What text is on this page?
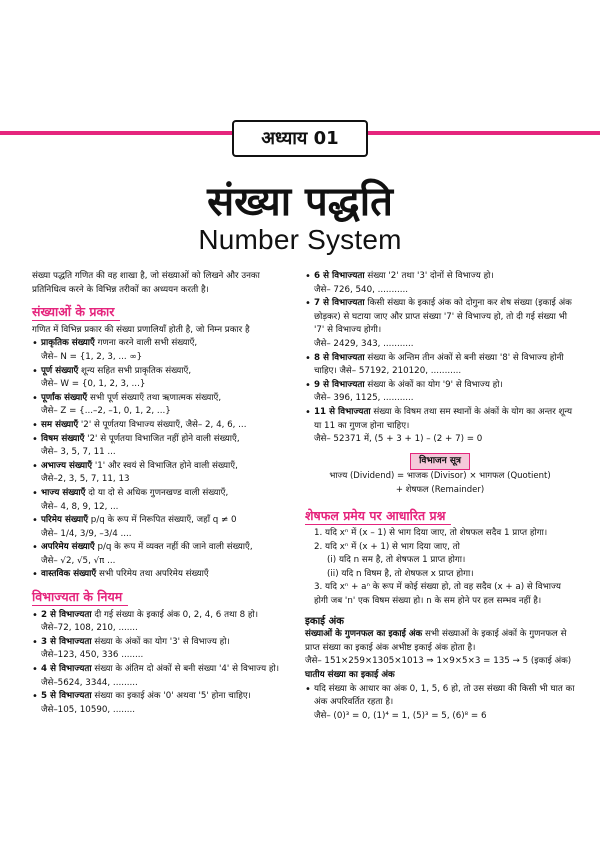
अध्याय 01
संख्या पद्धति
Number System

संख्या पद्धति गणित की वह शाखा है, जो संख्याओं को लिखने और उनका प्रतिनिधित्व करने के विभिन्न तरीकों का अध्ययन करती है।

संख्याओं के प्रकार

गणित में विभिन्न प्रकार की संख्या प्रणालियाँ होती है, जो निम्न प्रकार है

• प्राकृतिक संख्याएँ गणना करने वाली सभी संख्याएँ,
जैसे– N = {1, 2, 3, ... ∞}
• पूर्ण संख्याएँ शून्य सहित सभी प्राकृतिक संख्याएँ,
जैसे– W = {0, 1, 2, 3, ...}
• पूर्णांक संख्याएँ सभी पूर्ण संख्याएँ तथा ऋणात्मक संख्याएँ,
जैसे– Z = {...–2, –1, 0, 1, 2, ...}
• सम संख्याएँ '2' से पूर्णतया विभाज्य संख्याएँ, जैसे– 2, 4, 6, ...
• विषम संख्याएँ '2' से पूर्णतया विभाजित नहीं होने वाली संख्याएँ,
जैसे– 3, 5, 7, 11 ...
• अभाज्य संख्याएँ '1' और स्वयं से विभाजित होने वाली संख्याएँ,
जैसे–2, 3, 5, 7, 11, 13
• भाज्य संख्याएँ दो या दो से अधिक गुणनखण्ड वाली संख्याएँ,
जैसे– 4, 8, 9, 12, ...
• परिमेय संख्याएँ p/q के रूप में निरूपित संख्याएँ, जहाँ q ≠ 0
जैसे– 1/4, 3/9, –3/4 ....
• अपरिमेय संख्याएँ p/q के रूप में व्यक्त नहीं की जाने वाली संख्याएँ,
जैसे– √2, √5, √π ...
• वास्तविक संख्याएँ सभी परिमेय तथा अपरिमेय संख्याएँ
विभाज्यता के नियम
• 2 से विभाज्यता दी गई संख्या के इकाई अंक 0, 2, 4, 6 तथा 8 हो।
जैसे–72, 108, 210, .......
• 3 से विभाज्यता संख्या के अंकों का योग '3' से विभाज्य हो।
जैसे–123, 450, 336 ........
• 4 से विभाज्यता संख्या के अंतिम दो अंकों से बनी संख्या '4' से विभाज्य हो। जैसे–5624, 3344, .........
• 5 से विभाज्यता संख्या का इकाई अंक '0' अथवा '5' होना चाहिए।
जैसे–105, 10590, ........
• 6 से विभाज्यता संख्या '2' तथा '3' दोनों से विभाज्य हो।
जैसे– 726, 540, ...........
• 7 से विभाज्यता किसी संख्या के इकाई अंक को दोगुना कर शेष संख्या (इकाई अंक छोड़कर) से घटाया जाए और प्राप्त संख्या '7' से विभाज्य हो, तो दी गई संख्या भी '7' से विभाज्य होगी।
जैसे– 2429, 343, ...........
• 8 से विभाज्यता संख्या के अन्तिम तीन अंकों से बनी संख्या '8' से विभाज्य होनी चाहिए। जैसे– 57192, 210120, ...........
• 9 से विभाज्यता संख्या के अंकों का योग '9' से विभाज्य हो।
जैसे– 396, 1125, ...........
• 11 से विभाज्यता संख्या के विषम तथा सम स्थानों के अंकों के योग का अन्तर शून्य या 11 का गुणज होना चाहिए।
जैसे– 52371 में, (5 + 3 + 1) – (2 + 7) = 0
विभाजन सूत्र
भाज्य (Dividend) = भाजक (Divisor) × भागफल (Quotient)
+ शेषफल (Remainder)
शेषफल प्रमेय पर आधारित प्रश्न
1. यदि xⁿ में (x – 1) से भाग दिया जाए, तो शेषफल सदैव 1 प्राप्त होगा।
2. यदि xⁿ में (x + 1) से भाग दिया जाए, तो
(i) यदि n सम है, तो शेषफल 1 प्राप्त होगा।
(ii) यदि n विषम है, तो शेषफल x प्राप्त होगा।
3. यदि xⁿ + aⁿ के रूप में कोई संख्या हो, तो वह सदैव (x + a) से विभाज्य होगी जब 'n' एक विषम संख्या हो। n के सम होने पर हल सम्भव नहीं है।
इकाई अंक

संख्याओं के गुणनफल का इकाई अंक सभी संख्याओं के इकाई अंकों के गुणनफल से प्राप्त संख्या का इकाई अंक अभीष्ट इकाई अंक होता है।

जैसे– 151×259×1305×1013 ⇒ 1×9×5×3 = 135 → 5 (इकाई अंक)

घातीय संख्या का इकाई अंक

• यदि संख्या के आधार का अंक 0, 1, 5, 6 हो, तो उस संख्या की किसी भी घात का अंक अपरिवर्तित रहता है।
जैसे– (0)³ = 0, (1)⁴ = 1, (5)³ = 5, (6)⁸ = 6
